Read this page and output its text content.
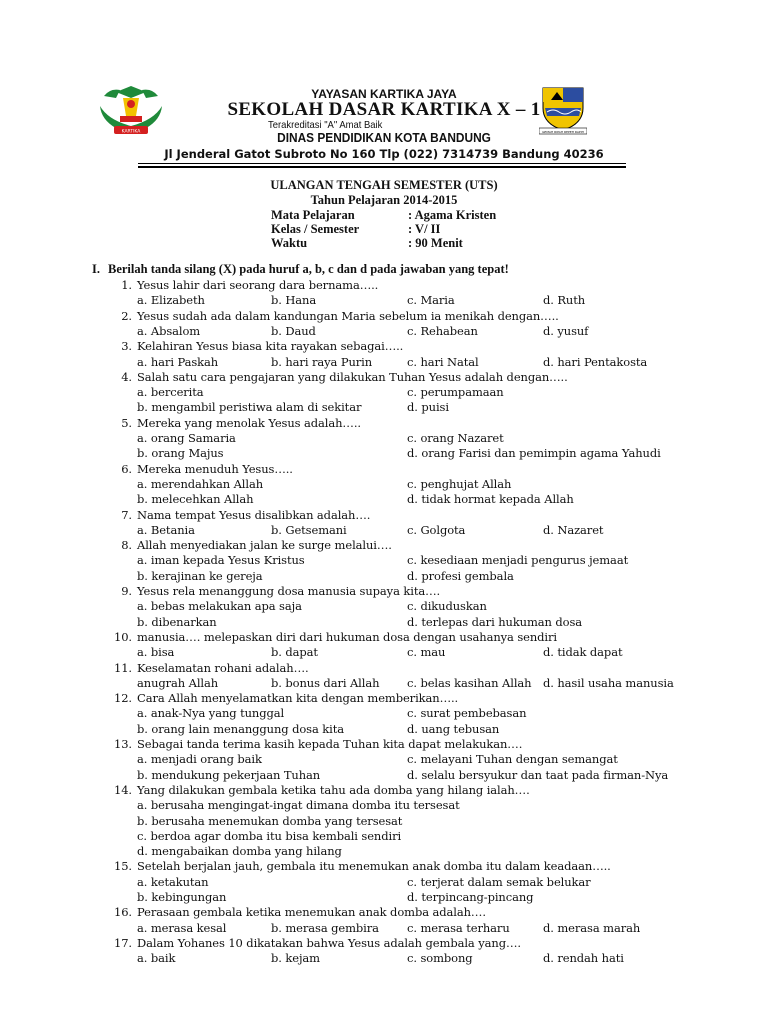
KARTIKA	GEMAH RIPAH REPEH RAPIH
YAYASAN KARTIKA JAYA
SEKOLAH DASAR KARTIKA X – 1
Terakreditasi "A" Amat Baik
DINAS PENDIDIKAN KOTA BANDUNG
Jl Jenderal Gatot Subroto No 160 Tlp (022) 7314739 Bandung 40236
ULANGAN TENGAH SEMESTER (UTS)
Tahun Pelajaran 2014-2015
Mata Pelajaran	: Agama Kristen
Kelas / Semester	: V/ II
Waktu	: 90 Menit
I. Berilah tanda silang (X) pada huruf a, b, c dan d pada jawaban yang tepat!
1. Yesus lahir dari seorang dara bernama…..
a. Elizabeth	b. Hana	c. Maria	d. Ruth
2. Yesus sudah ada dalam kandungan Maria sebelum ia menikah dengan…..
a. Absalom	b. Daud	c. Rehabean	d. yusuf
3. Kelahiran Yesus biasa kita rayakan sebagai…..
a. hari Paskah	b. hari raya Purin	c. hari Natal	d. hari Pentakosta
4. Salah satu cara pengajaran yang dilakukan Tuhan Yesus adalah dengan…..
a. bercerita	c. perumpamaan
b. mengambil peristiwa alam di sekitar	d. puisi
5. Mereka yang menolak Yesus adalah…..
a. orang Samaria	c. orang Nazaret
b. orang Majus	d. orang Farisi dan pemimpin agama Yahudi
6. Mereka menuduh Yesus…..
a. merendahkan Allah	c. penghujat Allah
b. melecehkan Allah	d. tidak hormat kepada Allah
7. Nama tempat Yesus disalibkan adalah….
a. Betania	b. Getsemani	c. Golgota	d. Nazaret
8. Allah menyediakan jalan ke surge melalui….
a. iman kepada Yesus Kristus	c. kesediaan menjadi pengurus jemaat
b. kerajinan ke gereja	d. profesi gembala
9. Yesus rela menanggung dosa manusia supaya kita….
a. bebas melakukan apa saja	c. dikuduskan
b. dibenarkan	d. terlepas dari hukuman dosa
10. manusia…. melepaskan diri dari hukuman dosa dengan usahanya sendiri
a. bisa	b. dapat	c. mau	d. tidak dapat
11. Keselamatan rohani adalah….
anugrah Allah	b. bonus dari Allah c. belas kasihan Allah d. hasil usaha manusia
12. Cara Allah menyelamatkan kita dengan memberikan…..
a. anak-Nya yang tunggal	c. surat pembebasan
b. orang lain menanggung dosa kita	d. uang tebusan
13. Sebagai tanda terima kasih kepada Tuhan kita dapat melakukan….
a. menjadi orang baik	c. melayani Tuhan dengan semangat
b. mendukung pekerjaan Tuhan	d. selalu bersyukur dan taat pada firman-Nya
14. Yang dilakukan gembala ketika tahu ada domba yang hilang ialah….
a. berusaha mengingat-ingat dimana domba itu tersesat
b. berusaha menemukan domba yang tersesat
c. berdoa agar domba itu bisa kembali sendiri
d. mengabaikan domba yang hilang
15. Setelah berjalan jauh, gembala itu menemukan anak domba itu dalam keadaan…..
a. ketakutan	c. terjerat dalam semak belukar
b. kebingungan	d. terpincang-pincang
16. Perasaan gembala ketika menemukan anak domba adalah….
a. merasa kesal	b. merasa gembira c. merasa terharu	d. merasa marah
17. Dalam Yohanes 10 dikatakan bahwa Yesus adalah gembala yang….
a. baik	b. kejam	c. sombong	d. rendah hati
